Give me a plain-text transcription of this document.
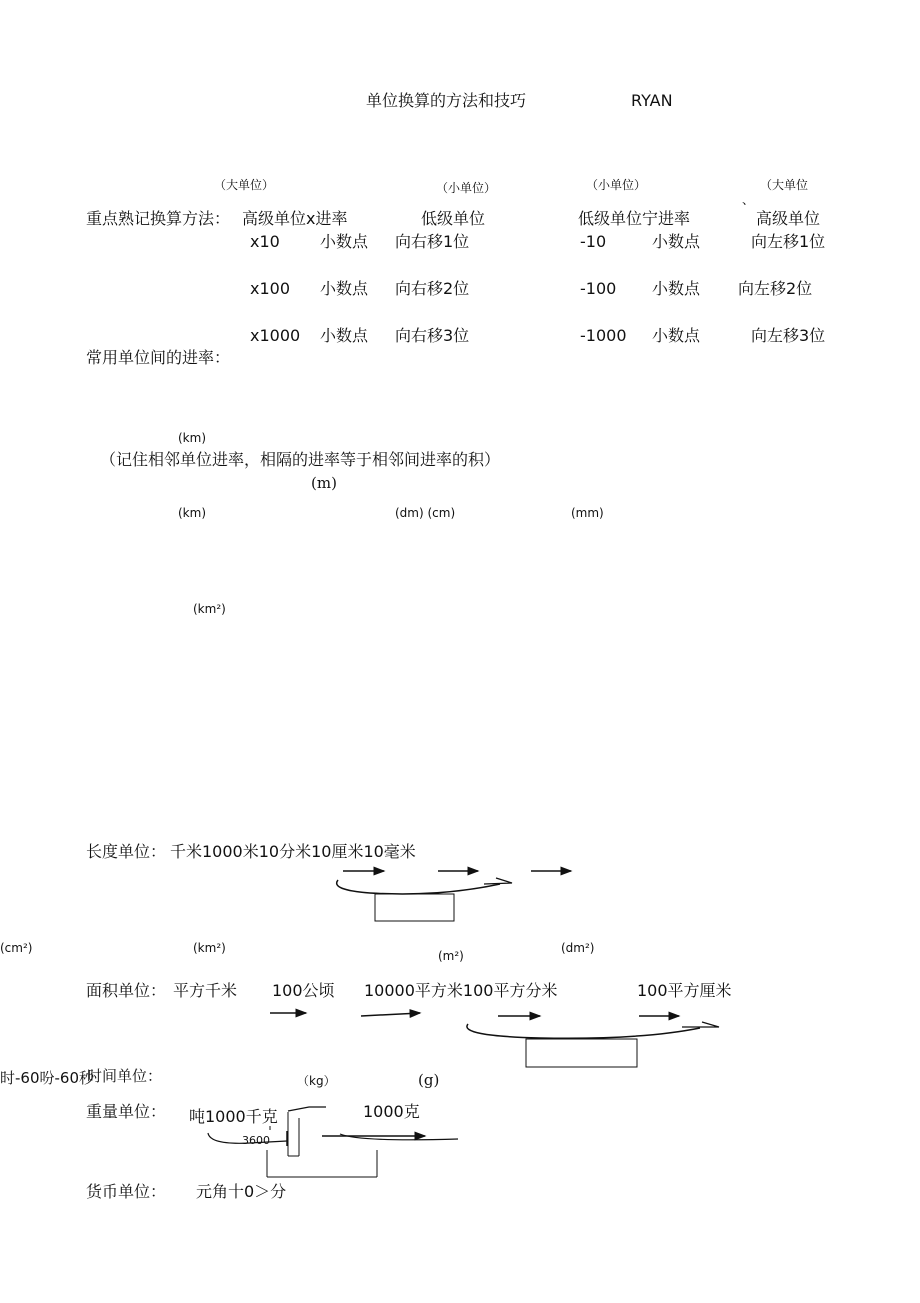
单位换算的方法和技巧	RYAN
（大单位）	（小单位）	（小单位）	（大单位
、
重点熟记换算方法： 高级单位x进率	低级单位	低级单位宁进率	高级单位
x10	小数点 向右移1位	-10	小数点	向左移1位
x100 小数点 向右移2位	-100 小数点 向左移2位
x1000 小数点 向右移3位	-1000 小数点	向左移3位
常用单位间的进率：
(km)
（记住相邻单位进率，相隔的进率等于相邻间进率的积）
(m)
(km)	(dm) (cm)	(mm)
(km²)
长度单位： 千米1000米10分米10厘米10毫米
(cm²)	(km²)
(m²)
(dm²)
面积单位： 平方千米 100公顷 10000平方米100平方分米	100平方厘米
时-60吩-60秒
时间单位：	（kg）	(g)
重量单位： 吨1000千克	1000克
3600
货币单位： 元角十0＞分
